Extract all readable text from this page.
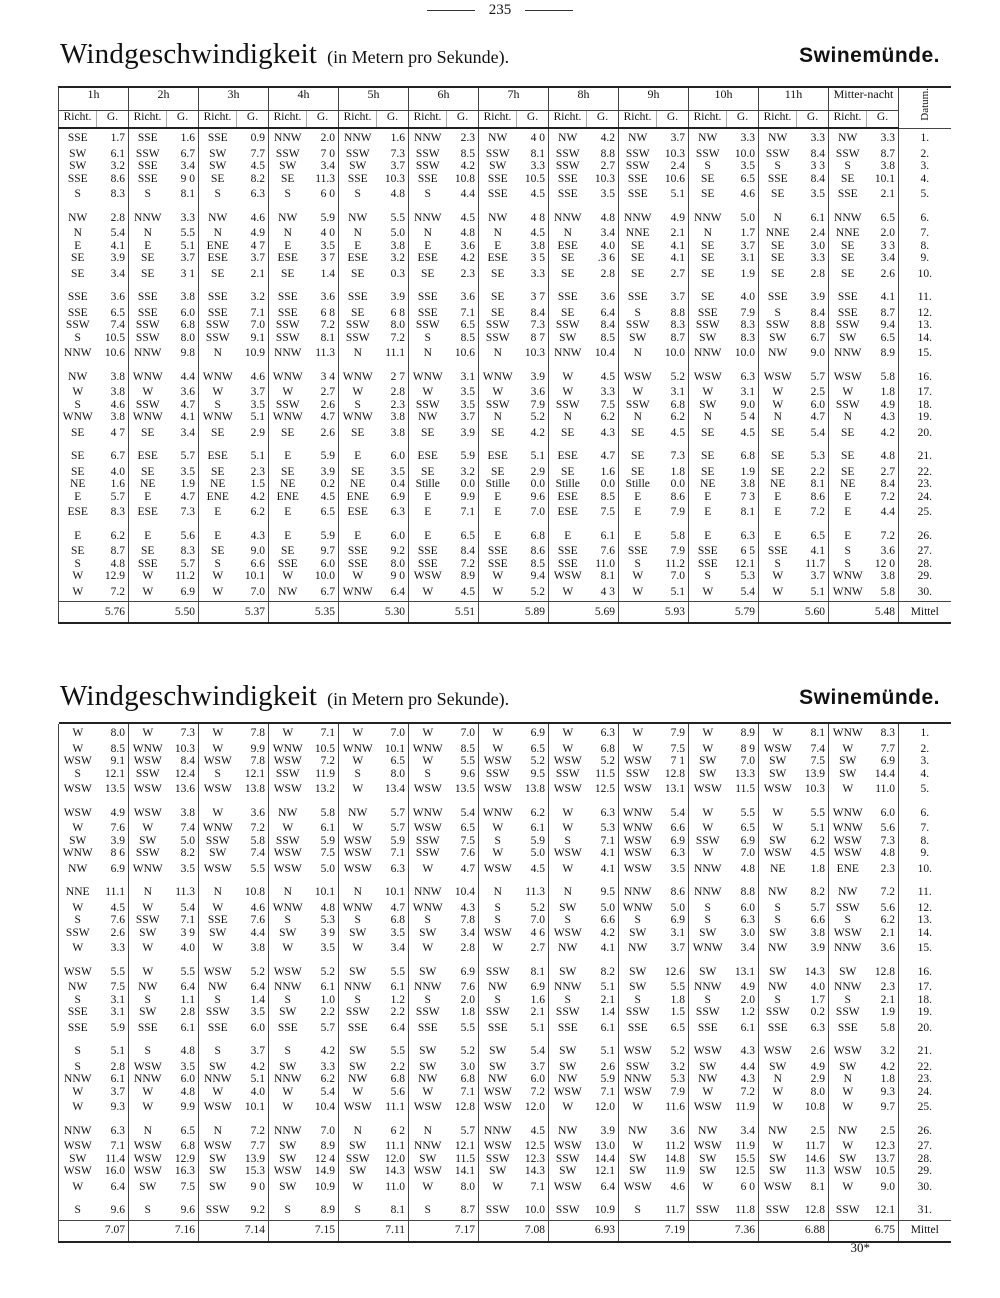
235
Windgeschwindigkeit (in Metern pro Sekunde).	Swinemünde.
1h		2h		3h		4h		5h		6h		7h		8h		9h		10h		11h		Mitter-nacht		Datum.
Richt.	G.	Richt.	G.	Richt.	G.	Richt.	G.	Richt.	G.	Richt.	G.	Richt.	G.	Richt.	G.	Richt.	G.	Richt.	G.	Richt.	G.	Richt.	G.	
SSE	1.7	SSE	1.6	SSE	0.9	NNW	2.0	NNW	1.6	NNW	2.3	NW	4 0	NW	4.2	NW	3.7	NW	3.3	NW	3.3	NW	3.3	1.
SW	6.1	SSW	6.7	SW	7.7	SSW	7 0	SSW	7.3	SSW	8.5	SSW	8.1	SSW	8.8	SSW	10.3	SSW	10.0	SSW	8.4	SSW	8.7	2.
SW	3.2	SSE	3.4	SW	4.5	SW	3.4	SW	3.7	SSW	4.2	SW	3.3	SSW	2.7	SSW	2.4	S	3.5	S	3 3	S	3.8	3.
SSE	8.6	SSE	9 0	SE	8.2	SE	11.3	SSE	10.3	SSE	10.8	SSE	10.5	SSE	10.3	SSE	10.6	SE	6.5	SSE	8.4	SE	10.1	4.
S	8.3	S	8.1	S	6.3	S	6 0	S	4.8	S	4.4	SSE	4.5	SSE	3.5	SSE	5.1	SE	4.6	SE	3.5	SSE	2.1	5.
NW	2.8	NNW	3.3	NW	4.6	NW	5.9	NW	5.5	NNW	4.5	NW	4 8	NNW	4.8	NNW	4.9	NNW	5.0	N	6.1	NNW	6.5	6.
N	5.4	N	5.5	N	4.9	N	4 0	N	5.0	N	4.8	N	4.5	N	3.4	NNE	2.1	N	1.7	NNE	2.4	NNE	2.0	7.
E	4.1	E	5.1	ENE	4 7	E	3.5	E	3.8	E	3.6	E	3.8	ESE	4.0	SE	4.1	SE	3.7	SE	3.0	SE	3 3	8.
SE	3.9	SE	3.7	ESE	3.7	ESE	3 7	ESE	3.2	ESE	4.2	ESE	3 5	SE	.3 6	SE	4.1	SE	3.1	SE	3.3	SE	3.4	9.
SE	3.4	SE	3 1	SE	2.1	SE	1.4	SE	0.3	SE	2.3	SE	3.3	SE	2.8	SE	2.7	SE	1.9	SE	2.8	SE	2.6	10.
SSE	3.6	SSE	3.8	SSE	3.2	SSE	3.6	SSE	3.9	SSE	3.6	SE	3 7	SSE	3.6	SSE	3.7	SE	4.0	SSE	3.9	SSE	4.1	11.
SSE	6.5	SSE	6.0	SSE	7.1	SSE	6 8	SE	6 8	SSE	7.1	SE	8.4	SE	6.4	S	8.8	SSE	7.9	S	8.4	SSE	8.7	12.
SSW	7.4	SSW	6.8	SSW	7.0	SSW	7.2	SSW	8.0	SSW	6.5	SSW	7.3	SSW	8.4	SSW	8.3	SSW	8.3	SSW	8.8	SSW	9.4	13.
S	10.5	SSW	8.0	SSW	9.1	SSW	8.1	SSW	7.2	S	8.5	SSW	8 7	SW	8.5	SW	8.7	SW	8.3	SW	6.7	SW	6.5	14.
NNW	10.6	NNW	9.8	N	10.9	NNW	11.3	N	11.1	N	10.6	N	10.3	NNW	10.4	N	10.0	NNW	10.0	NW	9.0	NNW	8.9	15.
NW	3.8	WNW	4.4	WNW	4.6	WNW	3 4	WNW	2 7	WNW	3.1	WNW	3.9	W	4.5	WSW	5.2	WSW	6.3	WSW	5.7	WSW	5.8	16.
W	3.8	W	3.6	W	3.7	W	2.7	W	2.8	W	3.5	W	3.6	W	3.3	W	3.1	W	3.1	W	2.5	W	1.8	17.
S	4.6	SSW	4.7	S	3.5	SSW	2.6	S	2.3	SSW	3.5	SSW	7.9	SSW	7.5	SSW	6.8	SW	9.0	W	6.0	SSW	4.9	18.
WNW	3.8	WNW	4.1	WNW	5.1	WNW	4.7	WNW	3.8	NW	3.7	N	5.2	N	6.2	N	6.2	N	5 4	N	4.7	N	4.3	19.
SE	4 7	SE	3.4	SE	2.9	SE	2.6	SE	3.8	SE	3.9	SE	4.2	SE	4.3	SE	4.5	SE	4.5	SE	5.4	SE	4.2	20.
SE	6.7	ESE	5.7	ESE	5.1	E	5.9	E	6.0	ESE	5.9	ESE	5.1	ESE	4.7	SE	7.3	SE	6.8	SE	5.3	SE	4.8	21.
SE	4.0	SE	3.5	SE	2.3	SE	3.9	SE	3.5	SE	3.2	SE	2.9	SE	1.6	SE	1.8	SE	1.9	SE	2.2	SE	2.7	22.
NE	1.6	NE	1.9	NE	1.5	NE	0.2	NE	0.4	Stille	0.0	Stille	0.0	Stille	0.0	Stille	0.0	NE	3.8	NE	8.1	NE	8.4	23.
E	5.7	E	4.7	ENE	4.2	ENE	4.5	ENE	6.9	E	9.9	E	9.6	ESE	8.5	E	8.6	E	7 3	E	8.6	E	7.2	24.
ESE	8.3	ESE	7.3	E	6.2	E	6.5	ESE	6.3	E	7.1	E	7.0	ESE	7.5	E	7.9	E	8.1	E	7.2	E	4.4	25.
E	6.2	E	5.6	E	4.3	E	5.9	E	6.0	E	6.5	E	6.8	E	6.1	E	5.8	E	6.3	E	6.5	E	7.2	26.
SE	8.7	SE	8.3	SE	9.0	SE	9.7	SSE	9.2	SSE	8.4	SSE	8.6	SSE	7.6	SSE	7.9	SSE	6 5	SSE	4.1	S	3.6	27.
S	4.8	SSE	5.7	S	6.6	SSE	6.0	SSE	8.0	SSE	7.2	SSE	8.5	SSE	11.0	S	11.2	SSE	12.1	S	11.7	S	12 0	28.
W	12.9	W	11.2	W	10.1	W	10.0	W	9 0	WSW	8.9	W	9.4	WSW	8.1	W	7.0	S	5.3	W	3.7	WNW	3.8	29.
W	7.2	W	6.9	W	7.0	NW	6.7	WNW	6.4	W	4.5	W	5.2	W	4 3	W	5.1	W	5.4	W	5.1	WNW	5.8	30.
	5.76		5.50		5.37		5.35		5.30		5.51		5.89		5.69		5.93		5.79		5.60		5.48	Mittel
Windgeschwindigkeit (in Metern pro Sekunde).	Swinemünde.

W	8.0	W	7.3	W	7.8	W	7.1	W	7.0	W	7.0	W	6.9	W	6.3	W	7.9	W	8.9	W	8.1	WNW	8.3	1.
W	8.5	WNW	10.3	W	9.9	WNW	10.5	WNW	10.1	WNW	8.5	W	6.5	W	6.8	W	7.5	W	8 9	WSW	7.4	W	7.7	2.
WSW	9.1	WSW	8.4	WSW	7.8	WSW	7.2	W	6.5	W	5.5	WSW	5.2	WSW	5.2	WSW	7 1	SW	7.0	SW	7.5	SW	6.9	3.
S	12.1	SSW	12.4	S	12.1	SSW	11.9	S	8.0	S	9.6	SSW	9.5	SSW	11.5	SSW	12.8	SW	13.3	SW	13.9	SW	14.4	4.
WSW	13.5	WSW	13.6	WSW	13.8	WSW	13.2	W	13.4	WSW	13.5	WSW	13.8	WSW	12.5	WSW	13.1	WSW	11.5	WSW	10.3	W	11.0	5.
WSW	4.9	WSW	3.8	W	3.6	NW	5.8	NW	5.7	WNW	5.4	WNW	6.2	W	6.3	WNW	5.4	W	5.5	W	5.5	WNW	6.0	6.
W	7.6	W	7.4	WNW	7.2	W	6.1	W	5.7	WSW	6.5	W	6.1	W	5.3	WNW	6.6	W	6.5	W	5.1	WNW	5.6	7.
SW	3.9	SW	5.0	SSW	5.8	SSW	5.9	WSW	5.9	SSW	7.5	S	5.9	S	7.1	WSW	6.9	SSW	6.9	SW	6.2	WSW	7.3	8.
WNW	8 6	SSW	8.2	SW	7.4	WSW	7.5	WSW	7.1	SSW	7.6	W	5.0	WSW	4.1	WSW	6.3	W	7.0	WSW	4.5	WSW	4.8	9.
NW	6.9	WNW	3.5	WSW	5.5	WSW	5.0	WSW	6.3	W	4.7	WSW	4.5	W	4.1	WSW	3.5	NNW	4.8	NE	1.8	ENE	2.3	10.
NNE	11.1	N	11.3	N	10.8	N	10.1	N	10.1	NNW	10.4	N	11.3	N	9.5	NNW	8.6	NNW	8.8	NW	8.2	NW	7.2	11.
W	4.5	W	5.4	W	4.6	WNW	4.8	WNW	4.7	WNW	4.3	S	5.2	SW	5.0	WNW	5.0	S	6.0	S	5.7	SSW	5.6	12.
S	7.6	SSW	7.1	SSE	7.6	S	5.3	S	6.8	S	7.8	S	7.0	S	6.6	S	6.9	S	6.3	S	6.6	S	6.2	13.
SSW	2.6	SW	3 9	SW	4.4	SW	3 9	SW	3.5	SW	3.4	WSW	4 6	WSW	4.2	SW	3.1	SW	3.0	SW	3.8	WSW	2.1	14.
W	3.3	W	4.0	W	3.8	W	3.5	W	3.4	W	2.8	W	2.7	NW	4.1	NW	3.7	WNW	3.4	NW	3.9	NNW	3.6	15.
WSW	5.5	W	5.5	WSW	5.2	WSW	5.2	SW	5.5	SW	6.9	SSW	8.1	SW	8.2	SW	12.6	SW	13.1	SW	14.3	SW	12.8	16.
NW	7.5	NW	6.4	NW	6.4	NNW	6.1	NNW	6.1	NNW	7.6	NW	6.9	NNW	5.1	SW	5.5	NNW	4.9	NW	4.0	NNW	2.3	17.
S	3.1	S	1.1	S	1.4	S	1.0	S	1.2	S	2.0	S	1.6	S	2.1	S	1.8	S	2.0	S	1.7	S	2.1	18.
SSE	3.1	SW	2.8	SSW	3.5	SW	2.2	SSW	2.2	SSW	1.8	SSW	2.1	SSW	1.4	SSW	1.5	SSW	1.2	SSW	0.2	SSW	1.9	19.
SSE	5.9	SSE	6.1	SSE	6.0	SSE	5.7	SSE	6.4	SSE	5.5	SSE	5.1	SSE	6.1	SSE	6.5	SSE	6.1	SSE	6.3	SSE	5.8	20.
S	5.1	S	4.8	S	3.7	S	4.2	SW	5.5	SW	5.2	SW	5.4	SW	5.1	WSW	5.2	WSW	4.3	WSW	2.6	WSW	3.2	21.
S	2.8	WSW	3.5	SW	4.2	SW	3.3	SW	2.2	SW	3.0	SW	3.7	SW	2.6	SSW	3.2	SW	4.4	SW	4.9	SW	4.2	22.
NNW	6.1	NNW	6.0	NNW	5.1	NNW	6.2	NW	6.8	NW	6.8	NW	6.0	NW	5.9	NNW	5.3	NW	4.3	N	2.9	N	1.8	23.
W	3.7	W	4.8	W	4.0	W	5.4	W	5.6	W	7.1	WSW	7.2	WSW	7.1	WSW	7.9	W	7.2	W	8.0	W	9.3	24.
W	9.3	W	9.9	WSW	10.1	W	10.4	WSW	11.1	WSW	12.8	WSW	12.0	W	12.0	W	11.6	WSW	11.9	W	10.8	W	9.7	25.
NNW	6.3	N	6.5	N	7.2	NNW	7.0	N	6 2	N	5.7	NNW	4.5	NW	3.9	NW	3.6	NW	3.4	NW	2.5	NW	2.5	26.
WSW	7.1	WSW	6.8	WSW	7.7	SW	8.9	SW	11.1	NNW	12.1	WSW	12.5	WSW	13.0	W	11.2	WSW	11.9	W	11.7	W	12.3	27.
SW	11.4	WSW	12.9	SW	13.9	SW	12 4	SSW	12.0	SW	11.5	SSW	12.3	SSW	14.4	SW	14.8	SW	15.5	SW	14.6	SW	13.7	28.
WSW	16.0	WSW	16.3	SW	15.3	WSW	14.9	SW	14.3	WSW	14.1	SW	14.3	SW	12.1	SW	11.9	SW	12.5	SW	11.3	WSW	10.5	29.
W	6.4	SW	7.5	SW	9 0	SW	10.9	W	11.0	W	8.0	W	7.1	WSW	6.4	WSW	4.6	W	6 0	WSW	8.1	W	9.0	30.
S	9.6	S	9.6	SSW	9.2	S	8.9	S	8.1	S	8.7	SSW	10.0	SSW	10.9	S	11.7	SSW	11.8	SSW	12.8	SSW	12.1	31.
	7.07		7.16		7.14		7.15		7.11		7.17		7.08		6.93		7.19		7.36		6.88		6.75	Mittel
30*
